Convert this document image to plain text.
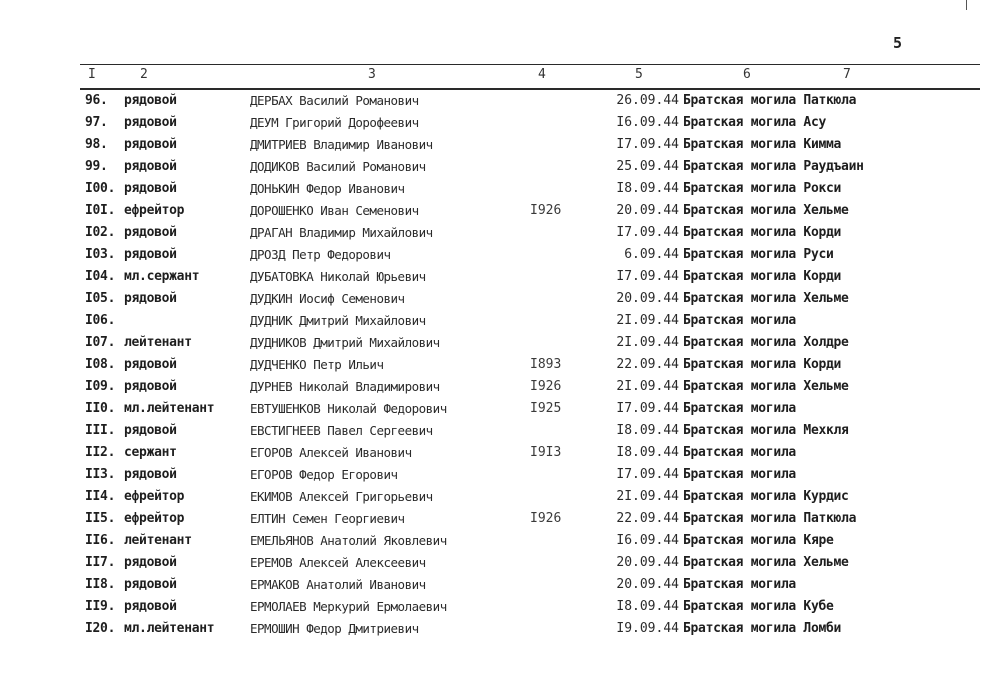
5
I	2	3	4	5	6	7
96. рядовой	ДЕРБАХ Василий Романович	26.09.44 Братская могила Паткюла
97. рядовой	ДЕУМ Григорий Дорофеевич	I6.09.44 Братская могила Асу
98. рядовой	ДМИТРИЕВ Владимир Иванович	I7.09.44 Братская могила Кимма
99. рядовой	ДОДИКОВ Василий Романович	25.09.44 Братская могила Раудъаин
I00. рядовой	ДОНЬКИН Федор Иванович	I8.09.44 Братская могила Рокси
I0I. ефрейтор	ДОРОШЕНКО Иван Семенович	I926	20.09.44 Братская могила Хельме
I02. рядовой	ДРАГАН Владимир Михайлович	I7.09.44 Братская могила Корди
I03. рядовой	ДРОЗД Петр Федорович	6.09.44 Братская могила Руси
I04. мл.сержант	ДУБАТОВКА Николай Юрьевич	I7.09.44 Братская могила Корди
I05. рядовой	ДУДКИН Иосиф Семенович	20.09.44 Братская могила Хельме
I06.	ДУДНИК Дмитрий Михайлович	2I.09.44 Братская могила
I07. лейтенант	ДУДНИКОВ Дмитрий Михайлович	2I.09.44 Братская могила Холдре
I08. рядовой	ДУДЧЕНКО Петр Ильич	I893	22.09.44 Братская могила Корди
I09. рядовой	ДУРНЕВ Николай Владимирович	I926	2I.09.44 Братская могила Хельме
II0. мл.лейтенант	ЕВТУШЕНКОВ Николай Федорович	I925	I7.09.44 Братская могила
III. рядовой	ЕВСТИГНЕЕВ Павел Сергеевич	I8.09.44 Братская могила Мехкля
II2. сержант	ЕГОРОВ Алексей Иванович	I9I3	I8.09.44 Братская могила
II3. рядовой	ЕГОРОВ Федор Егорович	I7.09.44 Братская могила
II4. ефрейтор	ЕКИМОВ Алексей Григорьевич	2I.09.44 Братская могила Курдис
II5. ефрейтор	ЕЛТИН Семен Георгиевич	I926	22.09.44 Братская могила Паткюла
II6. лейтенант	ЕМЕЛЬЯНОВ Анатолий Яковлевич	I6.09.44 Братская могила Кяре
II7. рядовой	ЕРЕМОВ Алексей Алексеевич	20.09.44 Братская могила Хельме
II8. рядовой	ЕРМАКОВ Анатолий Иванович	20.09.44 Братская могила
II9. рядовой	ЕРМОЛАЕВ Меркурий Ермолаевич	I8.09.44 Братская могила Кубе
I20. мл.лейтенант	ЕРМОШИН Федор Дмитриевич	I9.09.44 Братская могила Ломби
